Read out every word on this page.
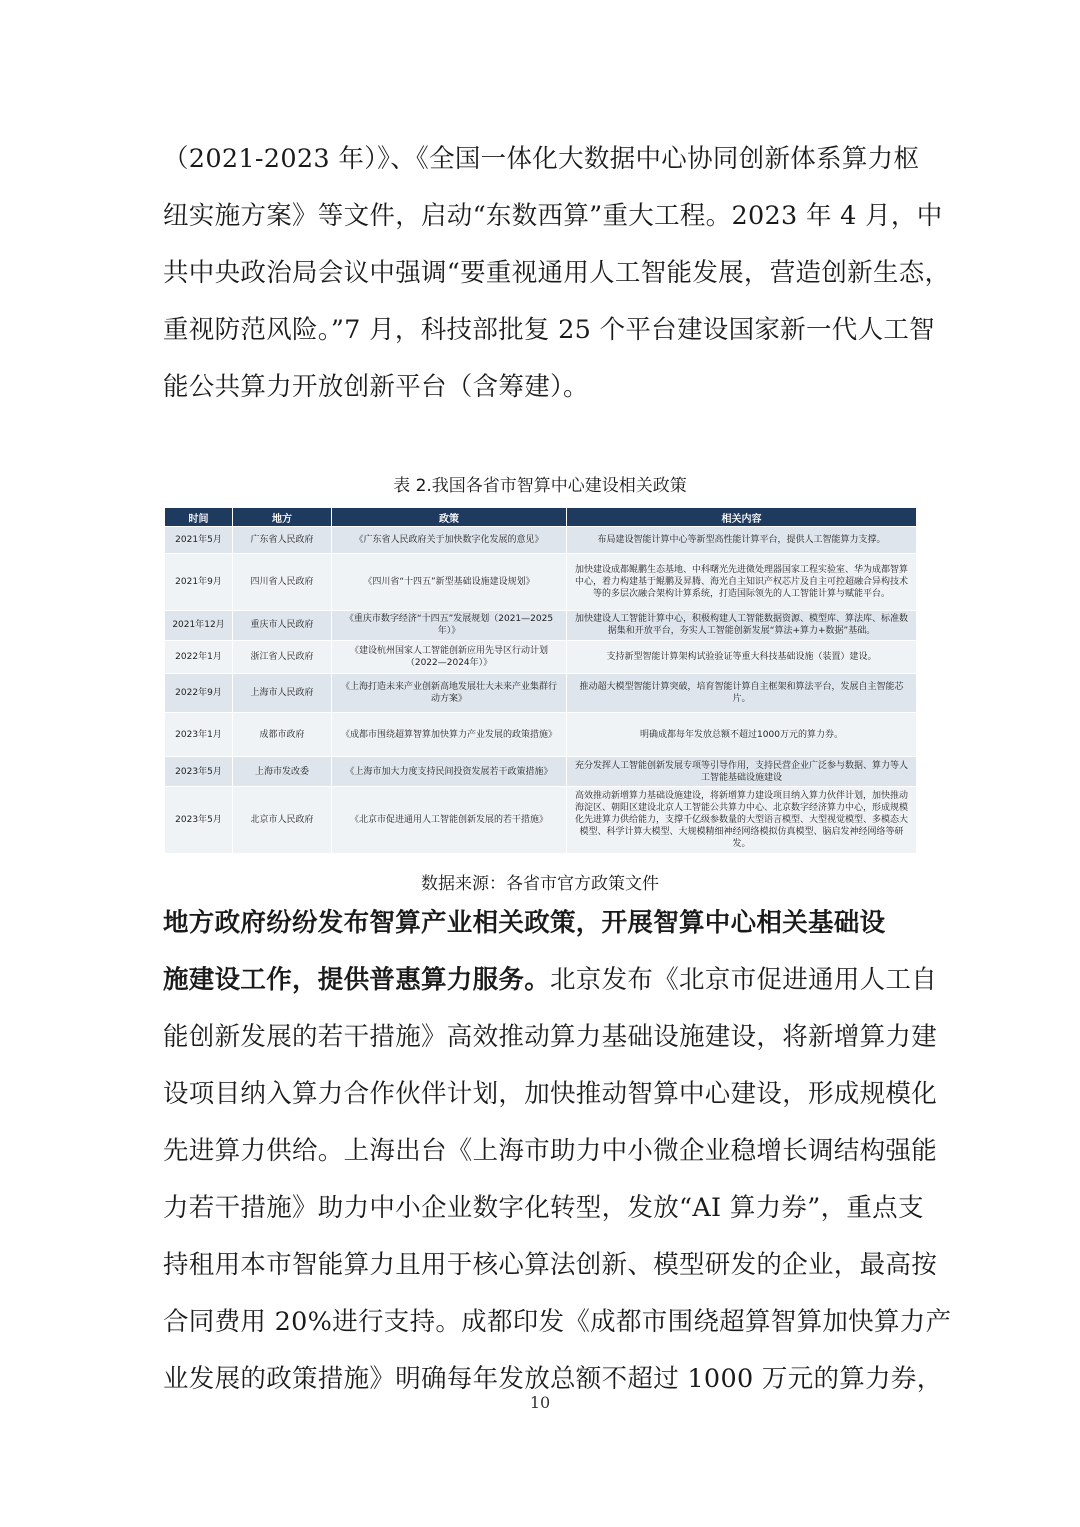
（2021-2023 年）》、《全国一体化大数据中心协同创新体系算力枢
纽实施方案》等文件，启动“东数西算”重大工程。2023 年 4 月，中
共中央政治局会议中强调“要重视通用人工智能发展，营造创新生态，
重视防范风险。”7 月，科技部批复 25 个平台建设国家新一代人工智
能公共算力开放创新平台（含筹建）。
表 2.我国各省市智算中心建设相关政策
时间	地方	政策	相关内容
2021年5月	广东省人民政府	《广东省人民政府关于加快数字化发展的意见》	布局建设智能计算中心等新型高性能计算平台，提供人工智能算力支撑。
2021年9月	四川省人民政府	《四川省“十四五”新型基础设施建设规划》	加快建设成都鲲鹏生态基地、中科曙光先进微处理器国家工程实验室、华为成都智算中心，着力构建基于鲲鹏及昇腾、海光自主知识产权芯片及自主可控超融合异构技术等的多层次融合架构计算系统，打造国际领先的人工智能计算与赋能平台。
2021年12月	重庆市人民政府	《重庆市数字经济“十四五”发展规划（2021—2025年）》	加快建设人工智能计算中心，积极构建人工智能数据资源、模型库、算法库、标准数据集和开放平台，夯实人工智能创新发展“算法+算力+数据”基础。
2022年1月	浙江省人民政府	《建设杭州国家人工智能创新应用先导区行动计划（2022—2024年）》	支持新型智能计算架构试验验证等重大科技基础设施（装置）建设。
2022年9月	上海市人民政府	《上海打造未来产业创新高地发展壮大未来产业集群行动方案》	推动超大模型智能计算突破，培育智能计算自主框架和算法平台，发展自主智能芯片。
2023年1月	成都市政府	《成都市围绕超算智算加快算力产业发展的政策措施》	明确成都每年发放总额不超过1000万元的算力券。
2023年5月	上海市发改委	《上海市加大力度支持民间投资发展若干政策措施》	充分发挥人工智能创新发展专项等引导作用，支持民营企业广泛参与数据、算力等人工智能基础设施建设
2023年5月	北京市人民政府	《北京市促进通用人工智能创新发展的若干措施》	高效推动新增算力基础设施建设，将新增算力建设项目纳入算力伙伴计划，加快推动海淀区、朝阳区建设北京人工智能公共算力中心、北京数字经济算力中心，形成规模化先进算力供给能力，支撑千亿级参数量的大型语言模型、大型视觉模型、多模态大模型、科学计算大模型、大规模精细神经网络模拟仿真模型、脑启发神经网络等研发。
数据来源：各省市官方政策文件
地方政府纷纷发布智算产业相关政策，开展智算中心相关基础设
施建设工作，提供普惠算力服务。北京发布《北京市促进通用人工自
能创新发展的若干措施》高效推动算力基础设施建设，将新增算力建
设项目纳入算力合作伙伴计划，加快推动智算中心建设，形成规模化
先进算力供给。上海出台《上海市助力中小微企业稳增长调结构强能
力若干措施》助力中小企业数字化转型，发放“AI 算力券”，重点支
持租用本市智能算力且用于核心算法创新、模型研发的企业，最高按
合同费用 20%进行支持。成都印发《成都市围绕超算智算加快算力产
业发展的政策措施》明确每年发放总额不超过 1000 万元的算力券，
10
